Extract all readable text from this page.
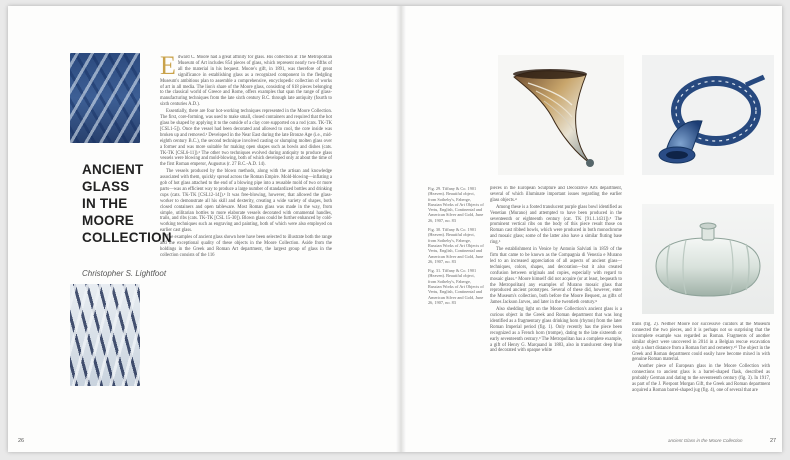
ANCIENT
GLASS
IN THE
MOORE
COLLECTION
Christopher S. Lightfoot
E dward C. Moore had a great affinity for glass. His collection at The Metropolitan Museum of Art includes 854 pieces of glass, which represent nearly two-fifths of all the material in his bequest. Moore's gift, in 1891, was therefore of great significance in establishing glass as a recognized component in the fledgling Museum's ambitious plan to assemble a comprehensive, encyclopedic collection of works of art in all media. The lion's share of the Moore glass, consisting of 618 pieces belonging to the classical world of Greece and Rome, offers examples that span the range of glass-manufacturing techniques from the late sixth century B.C. through late antiquity (fourth to sixth centuries A.D.).

Essentially, there are four hot-working techniques represented in the Moore Collection. The first, core-forming, was used to make small, closed containers and required that the hot glass be shaped by applying it to the outside of a clay core supported on a rod (cats. TK-TK [CSL1-5]). Once the vessel had been decorated and allowed to cool, the core inside was broken up and removed.¹ Developed in the Near East during the late Bronze Age (i.e., mid-eighth century B.C.), the second technique involved casting or slumping molten glass over a former and was more suitable for making open shapes such as bowls and dishes (cats. TK-TK [CSL6-11]).² The other two techniques evolved during antiquity to produce glass vessels were blowing and mold-blowing, both of which developed only at about the time of the first Roman emperor, Augustus (r. 27 B.C.-A.D. 14).

The vessels produced by the blown methods, along with the artisan and knowledge associated with them, quickly spread across the Roman Empire. Mold-blowing—inflating a gob of hot glass attached to the end of a blowing pipe into a reusable mold of two or more parts—was an efficient way to produce a large number of standardized bottles and drinking cups (cats. TK-TK [CSL12-14]).³ It was free-blowing, however, that allowed the glass-worker to demonstrate all his skill and dexterity, creating a wide variety of shapes, both closed containers and open tableware. Most Roman glass was made in the way, from simple, utilitarian bottles to more elaborate vessels decorated with ornamental handles, trails, and ribs (cats. TK-TK [CSL 15-30]). Blown glass could be further enhanced by cold-working techniques such as engraving and painting, both of which were also employed on earlier cast glass.

The examples of ancient glass shown here have been selected to illustrate both the range and the exceptional quality of these objects in the Moore Collection. Aside from the holdings in the Greek and Roman Art department, the largest group of glass in the collection consists of the 116

26
Fig. 29. Tiffany & Co. 1901 (Heaven). Beautiful object, from Sotheby's, Faberge, Russian Works of Art Objects of Vertu, English, Continental and American Silver and Gold, June 26, 1907, no. 83
Fig. 30. Tiffany & Co. 1901 (Heaven). Beautiful object, from Sotheby's, Faberge, Russian Works of Art Objects of Vertu, English, Continental and American Silver and Gold, June 26, 1907, no. 83
Fig. 31. Tiffany & Co. 1901 (Heaven). Beautiful object, from Sotheby's, Faberge, Russian Works of Art Objects of Vertu, English, Continental and American Silver and Gold, June 26, 1907, no. 83

pieces in the European Sculpture and Decorative Arts department, several of which illuminate important issues regarding the earlier glass objects.⁴

Among these is a footed translucent purple glass bowl identified as Venetian (Murano) and attempted to have been produced in the seventeenth or eighteenth century (cat. TK [91.1.1431]).⁵ The prominent vertical ribs on the body of this piece result those on Roman cast ribbed bowls, which were produced in both monochrome and mosaic glass; some of the latter also have a similar fluting base ring.⁶

The establishment in Venice by Antonio Salviati in 1859 of the firm that came to be known as the Compagnia di Venezia e Murano led to an increased appreciation of all aspects of ancient glass—techniques, colors, shapes, and decoration—but it also created confusion between originals and copies, especially with regard to mosaic glass.⁷ Moore himself did not acquire (or at least, bequeath to the Metropolitan) any examples of Murano mosaic glass that reproduced ancient prototypes. Several of these did, however, enter the Museum's collection, both before the Moore Bequest, as gifts of James Jackson Jarves, and later in the twentieth century.⁸

Also shedding light on the Moore Collection's ancient glass is a curious object in the Greek and Roman department that was long identified as a fragmentary glass drinking horn (rhyton) from the later Roman Imperial period (fig. 1). Only recently has the piece been recognized as a French horn (trompe), dating to the late sixteenth or early seventeenth century.⁹ The Metropolitan has a complete example, a gift of Henry G. Marquand in 1883, also in translucent deep blue and decorated with opaque white

trails (fig. 2). Neither Moore nor successive curators at the Museum connected the two pieces, and it is perhaps not so surprising that the incomplete example was regarded as Roman. Fragments of another similar object were uncovered in 2014 in a Belgian rescue excavation only a short distance from a Roman fort and cemetery.¹⁰ The object in the Greek and Roman department could easily have become mixed in with genuine Roman material.

Another piece of European glass in the Moore Collection with connections to ancient glass is a barrel-shaped flask, described as probably German and dating to the seventeenth century (fig. 3). In 1917, as part of the J. Pierpont Morgan Gift, the Greek and Roman department acquired a Roman barrel-shaped jug (fig. 4), one of several that are

ancient Glass in the Moore Collection	27
